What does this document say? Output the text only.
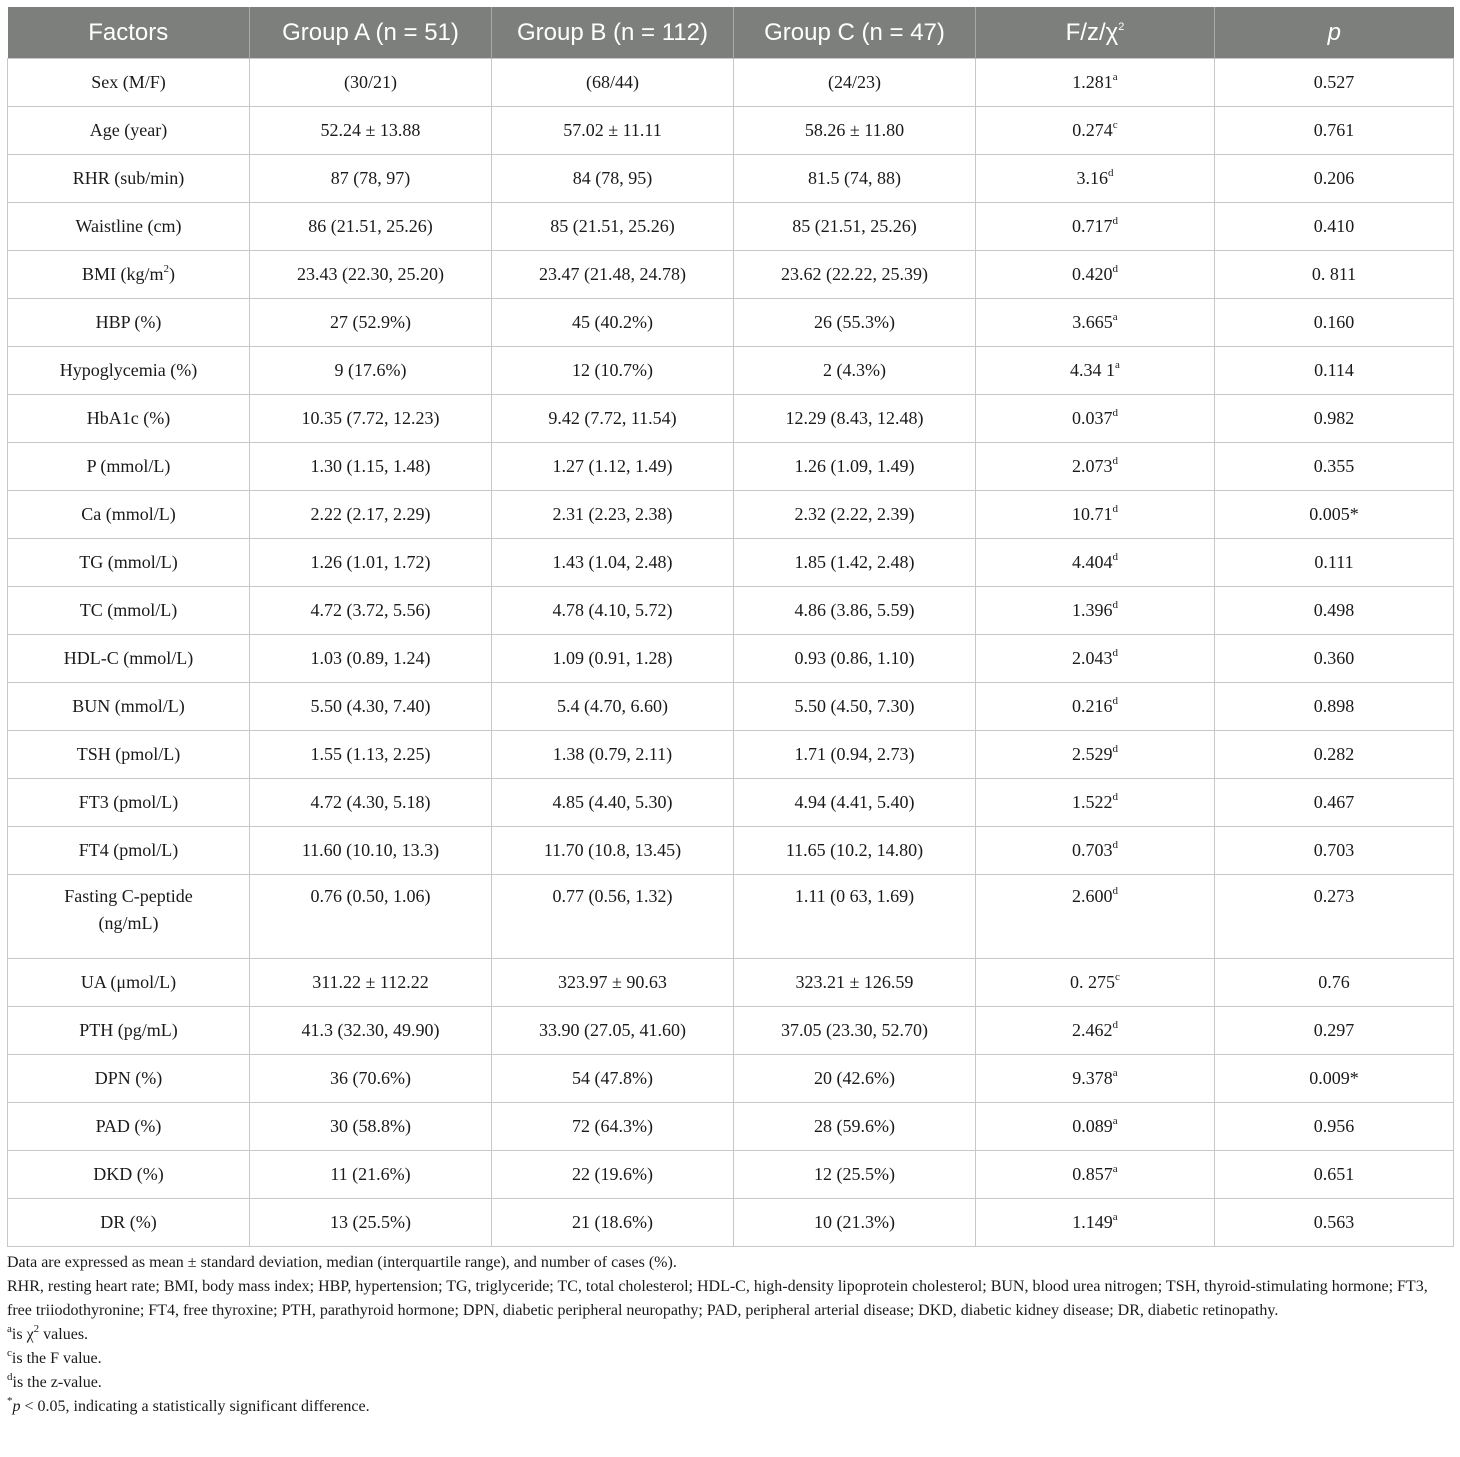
Factors	Group A (n = 51)	Group B (n = 112)	Group C (n = 47)	$F/z/\chi^2$	p
Sex (M/F)	(30/21)	(68/44)	(24/23)	1.281$^a$	0.527
Age (year)	52.24 ± 13.88	57.02 ± 11.11	58.26 ± 11.80	0.274$^c$	0.761
RHR (sub/min)	87 (78, 97)	84 (78, 95)	81.5 (74, 88)	3.16$^d$	0.206
Waistline (cm)	86 (21.51, 25.26)	85 (21.51, 25.26)	85 (21.51, 25.26)	0.717$^d$	0.410
BMI $(kg/m^2)$	23.43 (22.30, 25.20)	23.47 (21.48, 24.78)	23.62 (22.22, 25.39)	0.420$^d$	0. 811
HBP (%)	27 (52.9%)	45 (40.2%)	26 (55.3%)	3.665$^a$	0.160
Hypoglycemia (%)	9 (17.6%)	12 (10.7%)	2 (4.3%)	4.34 1$^a$	0.114
HbA1c (%)	10.35 (7.72, 12.23)	9.42 (7.72, 11.54)	12.29 (8.43, 12.48)	0.037$^d$	0.982
P (mmol/L)	1.30 (1.15, 1.48)	1.27 (1.12, 1.49)	1.26 (1.09, 1.49)	2.073$^d$	0.355
Ca (mmol/L)	2.22 (2.17, 2.29)	2.31 (2.23, 2.38)	2.32 (2.22, 2.39)	10.71$^d$	0.005*
TG (mmol/L)	1.26 (1.01, 1.72)	1.43 (1.04, 2.48)	1.85 (1.42, 2.48)	4.404$^d$	0.111
TC (mmol/L)	4.72 (3.72, 5.56)	4.78 (4.10, 5.72)	4.86 (3.86, 5.59)	1.396$^d$	0.498
HDL-C (mmol/L)	1.03 (0.89, 1.24)	1.09 (0.91, 1.28)	0.93 (0.86, 1.10)	2.043$^d$	0.360
BUN (mmol/L)	5.50 (4.30, 7.40)	5.4 (4.70, 6.60)	5.50 (4.50, 7.30)	0.216$^d$	0.898
TSH (pmol/L)	1.55 (1.13, 2.25)	1.38 (0.79, 2.11)	1.71 (0.94, 2.73)	2.529$^d$	0.282
FT3 (pmol/L)	4.72 (4.30, 5.18)	4.85 (4.40, 5.30)	4.94 (4.41, 5.40)	1.522$^d$	0.467
FT4 (pmol/L)	11.60 (10.10, 13.3)	11.70 (10.8, 13.45)	11.65 (10.2, 14.80)	0.703$^d$	0.703
Fasting C-peptide (ng/mL)	0.76 (0.50, 1.06)	0.77 (0.56, 1.32)	1.11 (0 63, 1.69)	2.600$^d$	0.273
UA (μmol/L)	311.22 ± 112.22	323.97 ± 90.63	323.21 ± 126.59	0. 275$^c$	0.76
PTH (pg/mL)	41.3 (32.30, 49.90)	33.90 (27.05, 41.60)	37.05 (23.30, 52.70)	2.462$^d$	0.297
DPN (%)	36 (70.6%)	54 (47.8%)	20 (42.6%)	9.378$^a$	0.009*
PAD (%)	30 (58.8%)	72 (64.3%)	28 (59.6%)	0.089$^a$	0.956
DKD (%)	11 (21.6%)	22 (19.6%)	12 (25.5%)	0.857$^a$	0.651
DR (%)	13 (25.5%)	21 (18.6%)	10 (21.3%)	1.149$^a$	0.563

Data are expressed as mean ± standard deviation, median (interquartile range), and number of cases (%).

RHR, resting heart rate; BMI, body mass index; HBP, hypertension; TG, triglyceride; TC, total cholesterol; HDL-C, high-density lipoprotein cholesterol; BUN, blood urea nitrogen; TSH, thyroid-stimulating hormone; FT3, free triiodothyronine; FT4, free thyroxine; PTH, parathyroid hormone; DPN, diabetic peripheral neuropathy; PAD, peripheral arterial disease; DKD, diabetic kidney disease; DR, diabetic retinopathy.

$^a$is $\chi^2$ values.

$^c$is the F value.

$^d$is the z-value.

*p < 0.05, indicating a statistically significant difference.
